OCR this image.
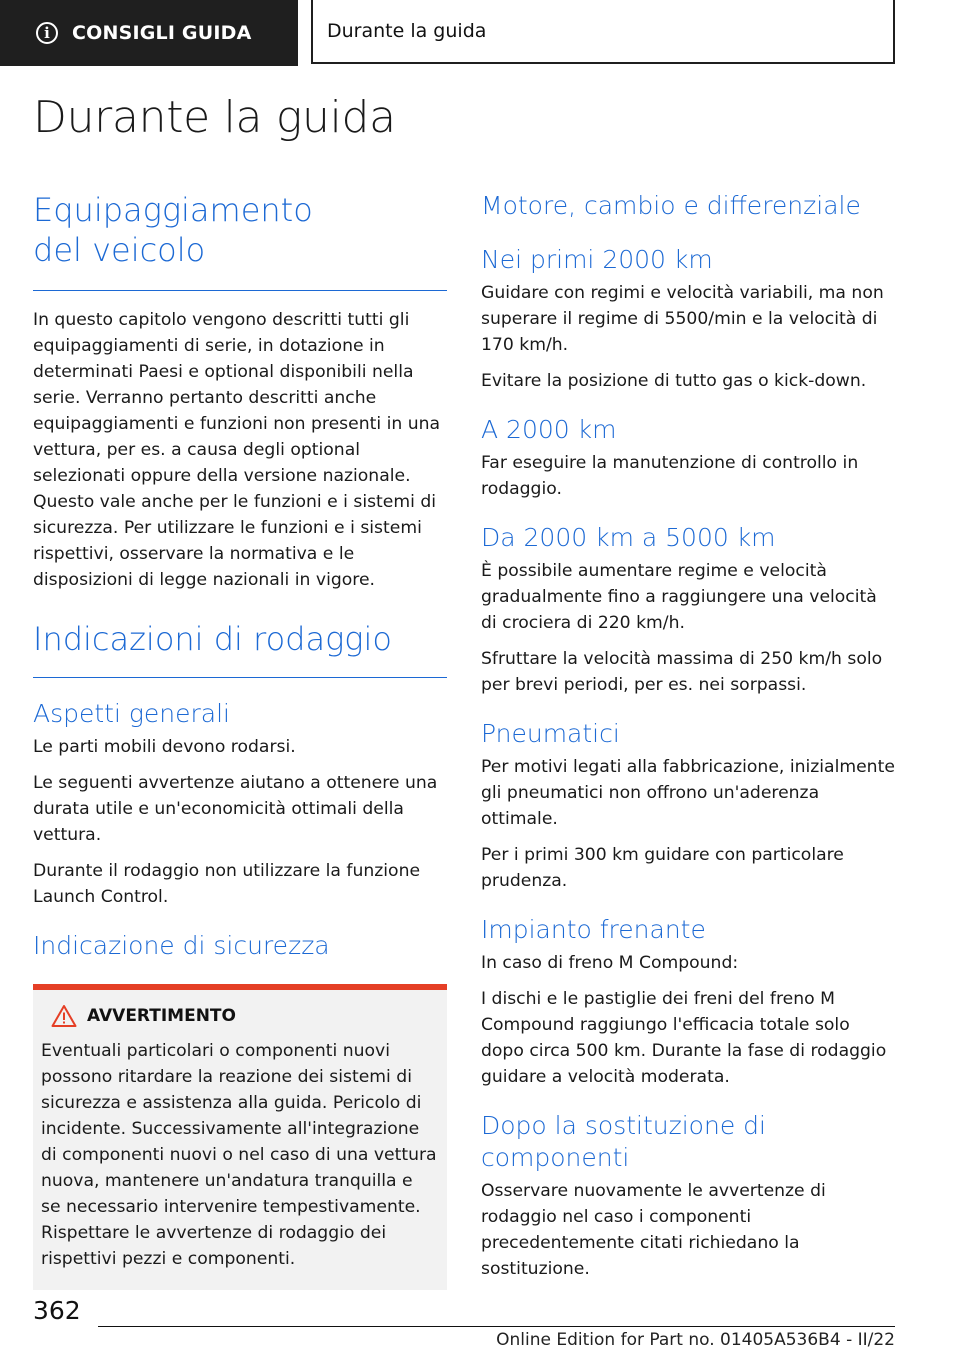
i	CONSIGLI GUIDA	Durante la guida
Durante la guida
Equipaggiamento del veicolo

In questo capitolo vengono descritti tutti gli equipaggiamenti di serie, in dotazione in determinati Paesi e optional disponibili nella serie. Verranno pertanto descritti anche equipaggiamenti e funzioni non presenti in una vettura, per es. a causa degli optional selezionati oppure della versione nazionale. Questo vale anche per le funzioni e i sistemi di sicurezza. Per utilizzare le funzioni e i sistemi rispettivi, osservare la normativa e le disposizioni di legge nazionali in vigore.

Indicazioni di rodaggio
Aspetti generali

Le parti mobili devono rodarsi.

Le seguenti avvertenze aiutano a ottenere una durata utile e un'economicità ottimali della vettura.

Durante il rodaggio non utilizzare la funzione Launch Control.

Indicazione di sicurezza
AVVERTIMENTO

Eventuali particolari o componenti nuovi possono ritardare la reazione dei sistemi di sicurezza e assistenza alla guida. Pericolo di incidente. Successivamente all'integrazione di componenti nuovi o nel caso di una vettura nuova, mantenere un'andatura tranquilla e se necessario intervenire tempestivamente. Rispettare le avvertenze di rodaggio dei rispettivi pezzi e componenti.

Motore, cambio e differenziale
Nei primi 2000 km

Guidare con regimi e velocità variabili, ma non superare il regime di 5500/min e la velocità di 170 km/h.

Evitare la posizione di tutto gas o kick-down.

A 2000 km

Far eseguire la manutenzione di controllo in rodaggio.

Da 2000 km a 5000 km

È possibile aumentare regime e velocità gradualmente fino a raggiungere una velocità di crociera di 220 km/h.

Sfruttare la velocità massima di 250 km/h solo per brevi periodi, per es. nei sorpassi.

Pneumatici

Per motivi legati alla fabbricazione, inizialmente gli pneumatici non offrono un'aderenza ottimale.

Per i primi 300 km guidare con particolare prudenza.

Impianto frenante

In caso di freno M Compound:

I dischi e le pastiglie dei freni del freno M Compound raggiungo l'efficacia totale solo dopo circa 500 km. Durante la fase di rodaggio guidare a velocità moderata.

Dopo la sostituzione di componenti

Osservare nuovamente le avvertenze di rodaggio nel caso i componenti precedentemente citati richiedano la sostituzione.

362
Online Edition for Part no. 01405A536B4 - II/22
